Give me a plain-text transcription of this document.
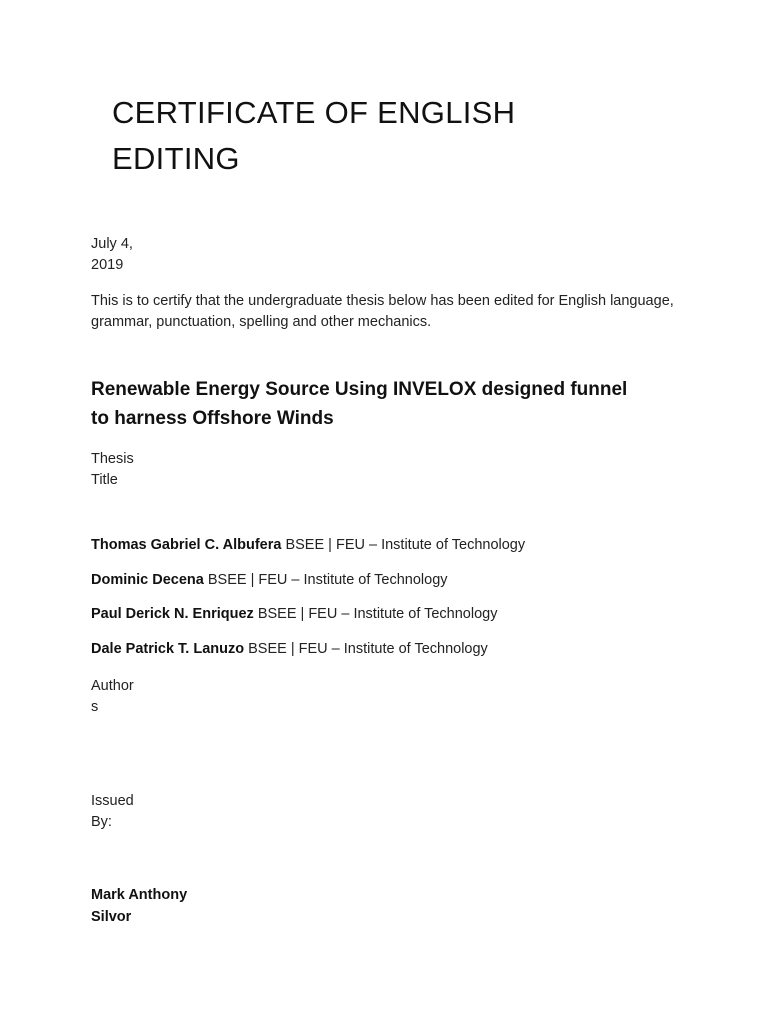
CERTIFICATE OF ENGLISH
EDITING

July 4,
2019

This is to certify that the undergraduate thesis below has been edited for English language, grammar, punctuation, spelling and other mechanics.

Renewable Energy Source Using INVELOX designed funnel
to harness Offshore Winds

Thesis
Title

Thomas Gabriel C. Albufera BSEE | FEU – Institute of Technology

Dominic Decena BSEE | FEU – Institute of Technology

Paul Derick N. Enriquez BSEE | FEU – Institute of Technology

Dale Patrick T. Lanuzo BSEE | FEU – Institute of Technology

Author
s

Issued
By:

Mark Anthony
Silvor
